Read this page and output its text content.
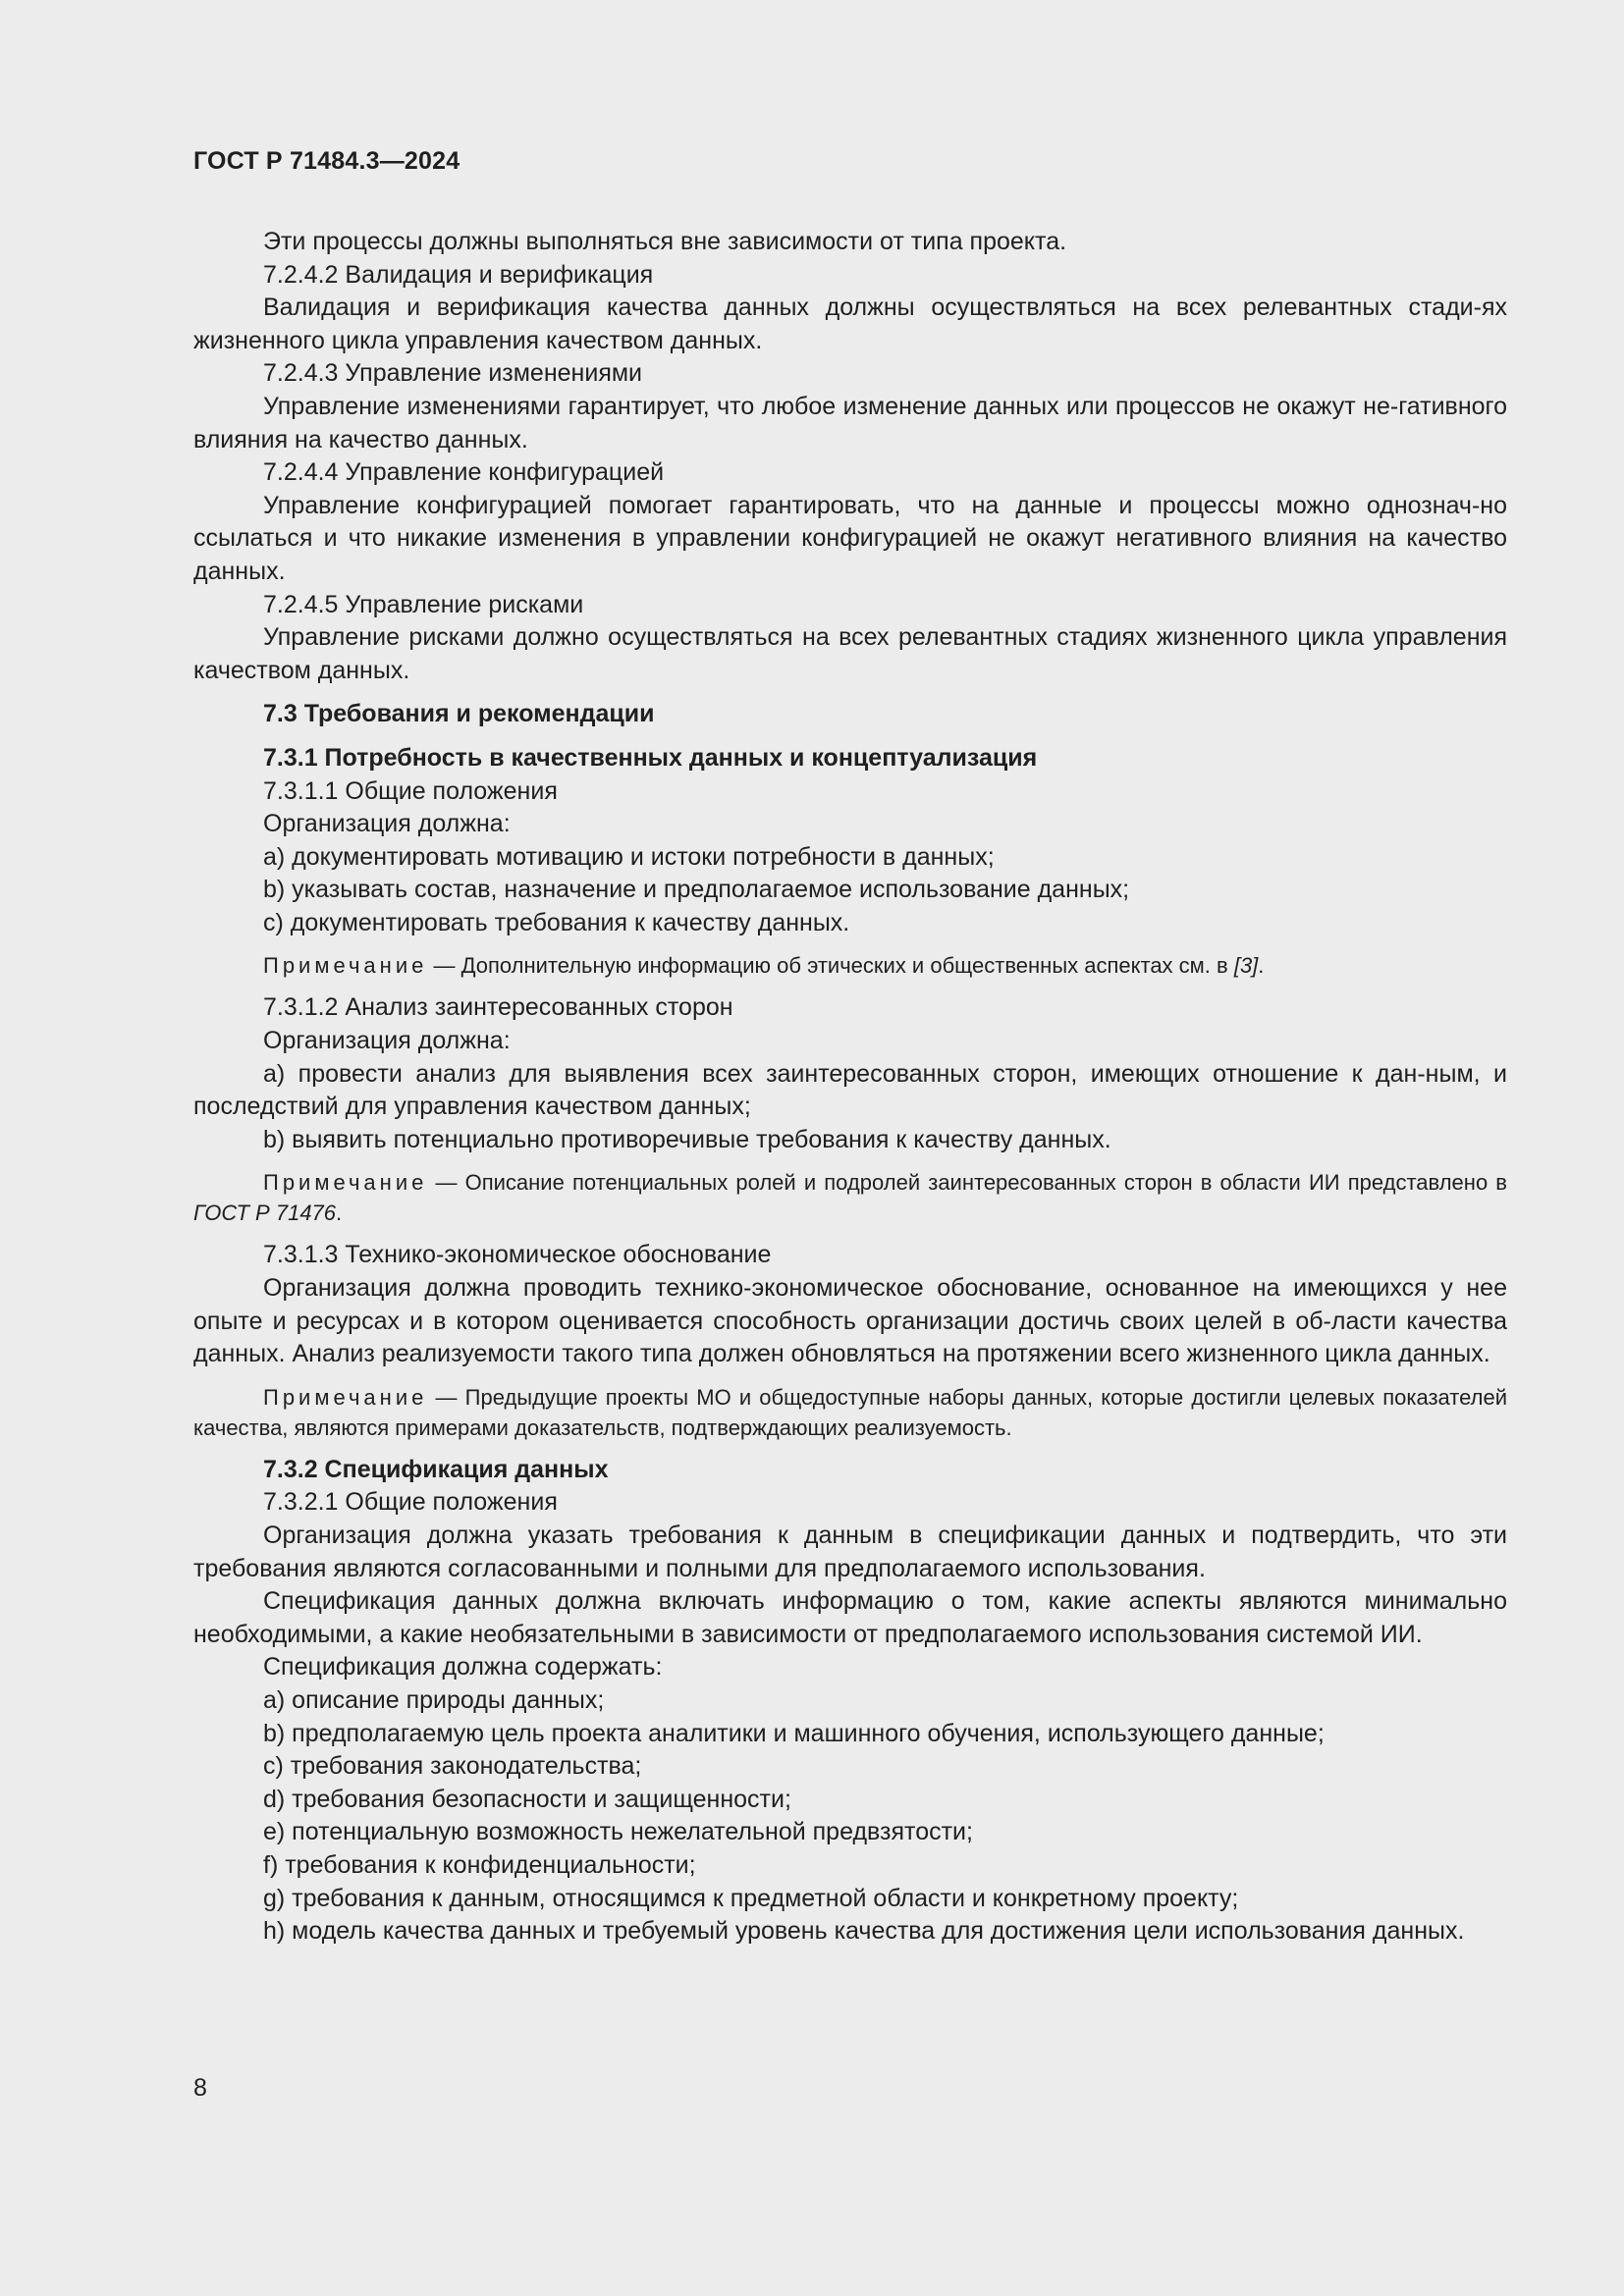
ГОСТ Р 71484.3—2024

Эти процессы должны выполняться вне зависимости от типа проекта.

7.2.4.2 Валидация и верификация

Валидация и верификация качества данных должны осуществляться на всех релевантных стади-ях жизненного цикла управления качеством данных.

7.2.4.3 Управление изменениями

Управление изменениями гарантирует, что любое изменение данных или процессов не окажут не-гативного влияния на качество данных.

7.2.4.4 Управление конфигурацией

Управление конфигурацией помогает гарантировать, что на данные и процессы можно однознач-но ссылаться и что никакие изменения в управлении конфигурацией не окажут негативного влияния на качество данных.

7.2.4.5 Управление рисками

Управление рисками должно осуществляться на всех релевантных стадиях жизненного цикла управления качеством данных.

7.3 Требования и рекомендации

7.3.1 Потребность в качественных данных и концептуализация

7.3.1.1 Общие положения

Организация должна:

a) документировать мотивацию и истоки потребности в данных;

b) указывать состав, назначение и предполагаемое использование данных;

c) документировать требования к качеству данных.

Примечание — Дополнительную информацию об этических и общественных аспектах см. в [3].

7.3.1.2 Анализ заинтересованных сторон

Организация должна:

a) провести анализ для выявления всех заинтересованных сторон, имеющих отношение к дан-ным, и последствий для управления качеством данных;

b) выявить потенциально противоречивые требования к качеству данных.

Примечание — Описание потенциальных ролей и подролей заинтересованных сторон в области ИИ представлено в ГОСТ Р 71476.

7.3.1.3 Технико-экономическое обоснование

Организация должна проводить технико-экономическое обоснование, основанное на имеющихся у нее опыте и ресурсах и в котором оценивается способность организации достичь своих целей в об-ласти качества данных. Анализ реализуемости такого типа должен обновляться на протяжении всего жизненного цикла данных.

Примечание — Предыдущие проекты МО и общедоступные наборы данных, которые достигли целевых показателей качества, являются примерами доказательств, подтверждающих реализуемость.

7.3.2 Спецификация данных

7.3.2.1 Общие положения

Организация должна указать требования к данным в спецификации данных и подтвердить, что эти требования являются согласованными и полными для предполагаемого использования.

Спецификация данных должна включать информацию о том, какие аспекты являются минимально необходимыми, а какие необязательными в зависимости от предполагаемого использования системой ИИ.

Спецификация должна содержать:

a) описание природы данных;

b) предполагаемую цель проекта аналитики и машинного обучения, использующего данные;

c) требования законодательства;

d) требования безопасности и защищенности;

e) потенциальную возможность нежелательной предвзятости;

f) требования к конфиденциальности;

g) требования к данным, относящимся к предметной области и конкретному проекту;

h) модель качества данных и требуемый уровень качества для достижения цели использования данных.

8
